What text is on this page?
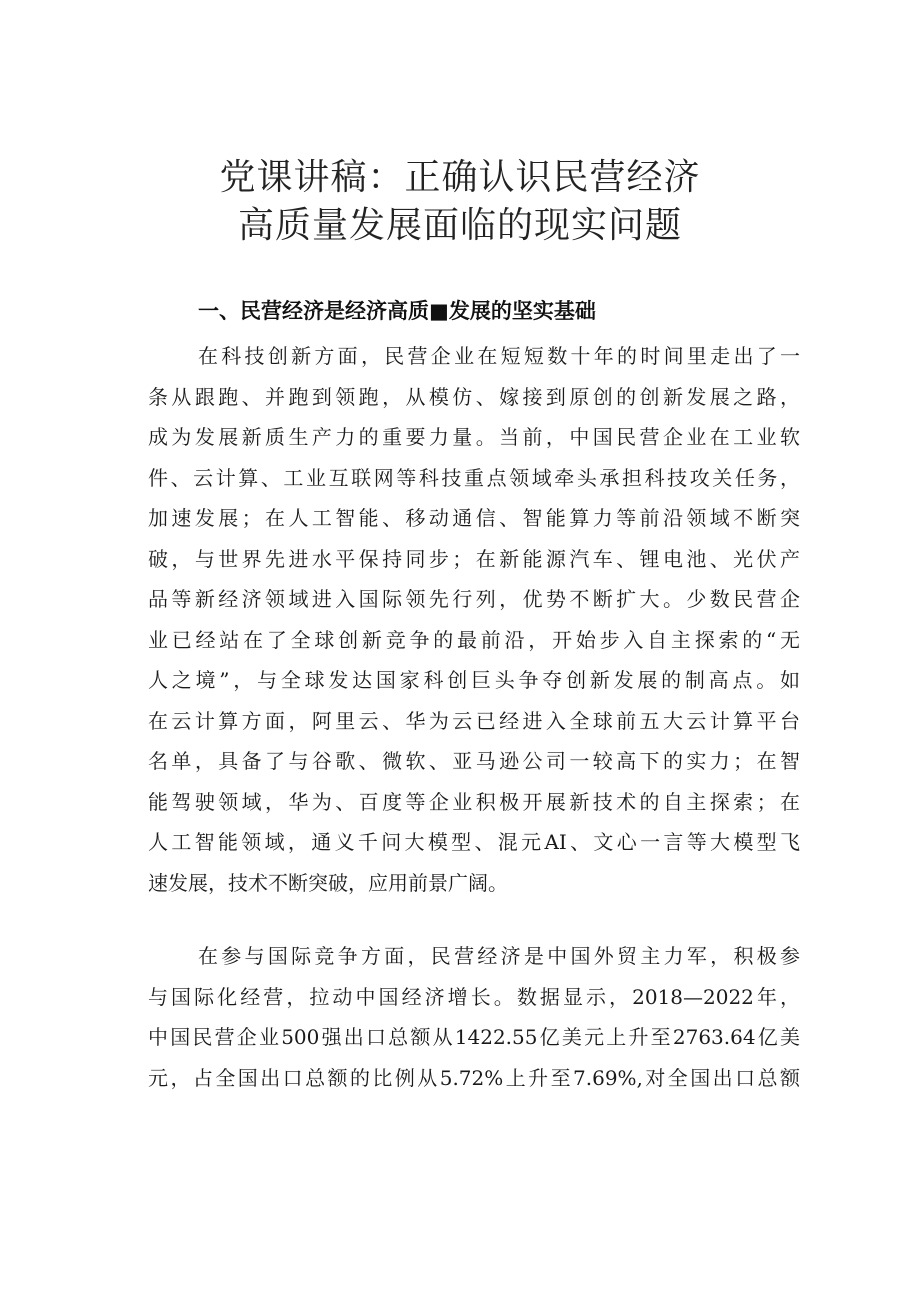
党课讲稿：正确认识民营经济
高质量发展面临的现实问题
一、民营经济是经济高质■发展的坚实基础
在科技创新方面，民营企业在短短数十年的时间里走出了一
条从跟跑、并跑到领跑，从模仿、嫁接到原创的创新发展之路，
成为发展新质生产力的重要力量。当前，中国民营企业在工业软
件、云计算、工业互联网等科技重点领域牵头承担科技攻关任务，
加速发展；在人工智能、移动通信、智能算力等前沿领域不断突
破，与世界先进水平保持同步；在新能源汽车、锂电池、光伏产
品等新经济领域进入国际领先行列，优势不断扩大。少数民营企
业已经站在了全球创新竞争的最前沿，开始步入自主探索的“无
人之境”，与全球发达国家科创巨头争夺创新发展的制高点。如
在云计算方面，阿里云、华为云已经进入全球前五大云计算平台
名单，具备了与谷歌、微软、亚马逊公司一较高下的实力；在智
能驾驶领域，华为、百度等企业积极开展新技术的自主探索；在
人工智能领域，通义千问大模型、混元AI、文心一言等大模型飞
速发展，技术不断突破，应用前景广阔。
在参与国际竞争方面，民营经济是中国外贸主力军，积极参
与国际化经营，拉动中国经济增长。数据显示，2018—2022年，
中国民营企业500强出口总额从1422.55亿美元上升至2763.64亿美
元，占全国出口总额的比例从5.72%上升至7.69%,对全国出口总额
